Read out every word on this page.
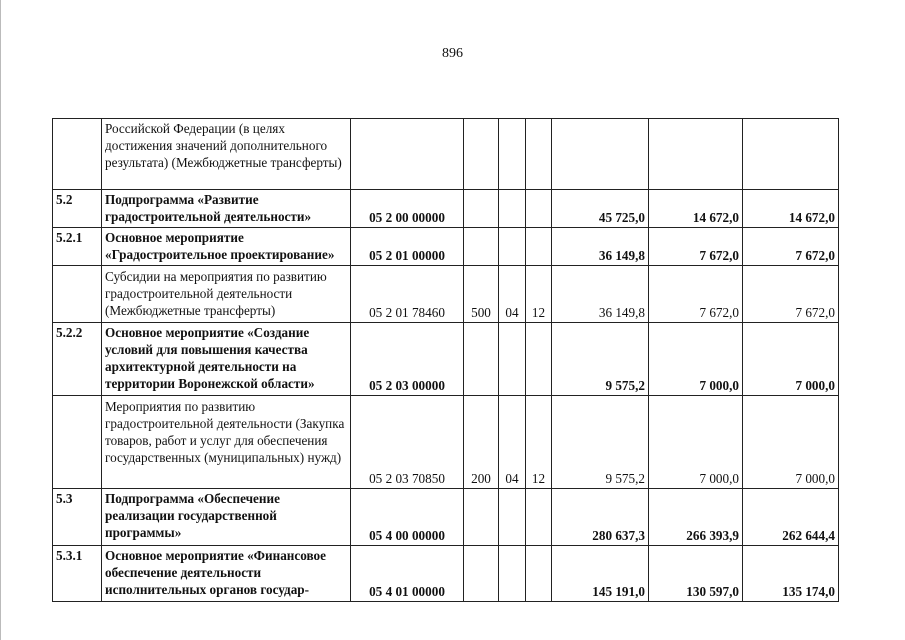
896
	Российской Федерации (в целях достижения значений дополнительного результата) (Межбюджетные трансферты)							
5.2	Подпрограмма «Развитие градостроительной деятельности»	05 2 00 00000				45 725,0	14 672,0	14 672,0
5.2.1	Основное мероприятие «Градостроительное проектирование»	05 2 01 00000				36 149,8	7 672,0	7 672,0
	Субсидии на мероприятия по развитию градостроительной деятельности (Межбюджетные трансферты)	05 2 01 78460	500	04	12	36 149,8	7 672,0	7 672,0
5.2.2	Основное мероприятие «Создание условий для повышения качества архитектурной деятельности на территории Воронежской области»	05 2 03 00000				9 575,2	7 000,0	7 000,0
	Мероприятия по развитию градостроительной деятельности (Закупка товаров, работ и услуг для обеспечения государственных (муниципальных) нужд)	05 2 03 70850	200	04	12	9 575,2	7 000,0	7 000,0
5.3	Подпрограмма «Обеспечение реализации государственной программы»	05 4 00 00000				280 637,3	266 393,9	262 644,4
5.3.1	Основное мероприятие «Финансовое обеспечение деятельности исполнительных органов государ-	05 4 01 00000				145 191,0	130 597,0	135 174,0
